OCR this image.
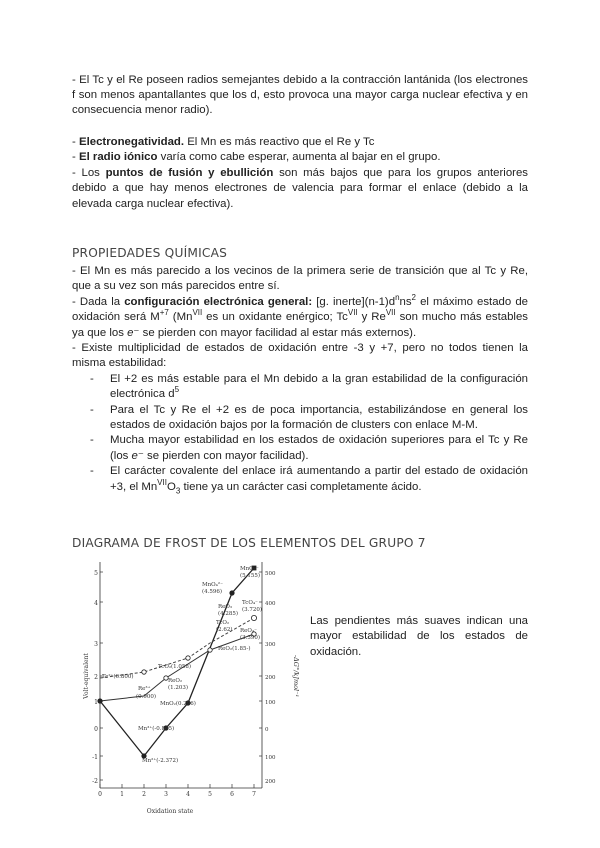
- El Tc y el Re poseen radios semejantes debido a la contracción lantánida (los electrones f son menos apantallantes que los d, esto provoca una mayor carga nuclear efectiva y en consecuencia menor radio).

- Electronegatividad. El Mn es más reactivo que el Re y Tc

- El radio iónico varía como cabe esperar, aumenta al bajar en el grupo.

- Los puntos de fusión y ebullición son más bajos que para los grupos anteriores debido a que hay menos electrones de valencia para formar el enlace (debido a la elevada carga nuclear efectiva).

PROPIEDADES QUÍMICAS

- El Mn es más parecido a los vecinos de la primera serie de transición que al Tc y Re, que a su vez son más parecidos entre sí.

- Dada la configuración electrónica general: [g. $inerte](n-1)d^nns^2$ el máximo estado de oxidación será $M^{+7}$ ($Mn^{VII}$ es un oxidante enérgico; $Tc^{VII}$ y $Re^{VII}$ son mucho más estables ya que los e⁻ se pierden con mayor facilidad al estar más externos).

- Existe multiplicidad de estados de oxidación entre -3 y +7, pero no todos tienen la misma estabilidad:

- El +2 es más estable para el Mn debido a la gran estabilidad de la configuración electrónica $d^5$
- Para el Tc y Re el +2 es de poca importancia, estabilizándose en general los estados de oxidación bajos por la formación de clusters con enlace M-M.
- Mucha mayor estabilidad en los estados de oxidación superiores para el Tc y Re (los e⁻ se pierden con mayor facilidad).
- El carácter covalente del enlace irá aumentando a partir del estado de oxidación +3, el $Mn^{VII}O_3$ tiene ya un carácter casi completamente ácido.
DIAGRAMA DE FROST DE LOS ELEMENTOS DEL GRUPO 7
5
4
3
2
1
0
-1
-2
500
400
300
200
100
0
100
200
0	1	2	3	4	5	6	7
Oxidation state
Volt-equivalent	-ΔG°/kJmol⁻¹
MnO₄⁻
(5.155)
MnO₄²⁻
(4.596)
ReO₃
(4.285)
TcO₄⁻
(3.720)
TcO₂
(2.62) ReO₄⁻
(3.390)
ReO₂(1.85-)
TcO₂(1.058)
Tc²⁺(0.800)
Re³⁺
(0.900)
ReO₂
(1.203)
MnO₂(0.296)
Mn³⁺(-0.845)
Mn²⁺(-2.372)
Las pendientes más suaves indican una mayor estabilidad de los estados de oxidación.
